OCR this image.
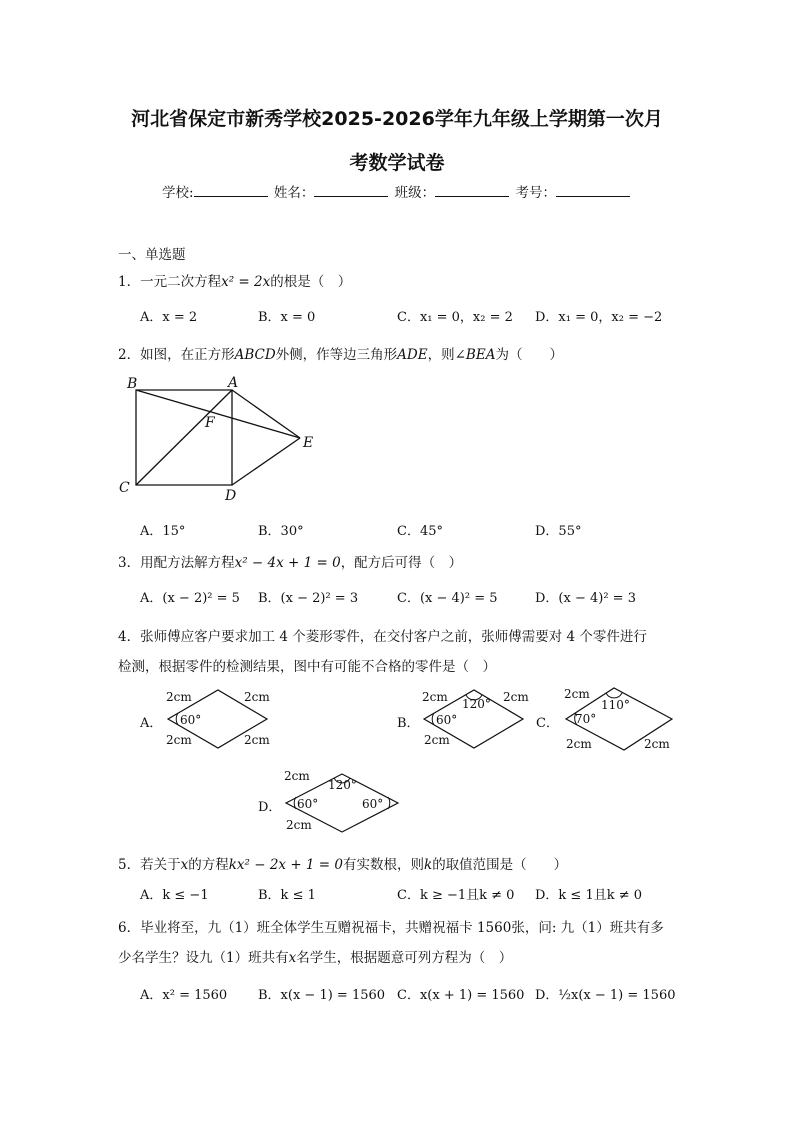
河北省保定市新秀学校2025-2026学年九年级上学期第一次月
考数学试卷
学校:	姓名：	班级：	考号：
一、单选题
1．一元二次方程x² = 2x的根是（　）
A．x = 2	B．x = 0	C．x₁ = 0，x₂ = 2 D．x₁ = 0，x₂ = −2
2．如图，在正方形ABCD外侧，作等边三角形ADE，则∠BEA为（　　）
B	A
F
E
C	D
A．15°	B．30°	C．45°	D．55°
3．用配方法解方程x² − 4x + 1 = 0，配方后可得（　）
A．(x − 2)² = 5 B．(x − 2)² = 3	C．(x − 4)² = 5	D．(x − 4)² = 3
4．张师傅应客户要求加工 4 个菱形零件，在交付客户之前，张师傅需要对 4 个零件进行
检测，根据零件的检测结果，图中有可能不合格的零件是（　）
A．
2cm	2cm
2cm	2cm
60°	B．
2cm	2cm
2cm
120°
60°	C．
2cm
2cm	2cm
110°
70°
D．
2cm
2cm
120°
60°	60°
5．若关于x的方程kx² − 2x + 1 = 0有实数根，则k的取值范围是（　　）
A．k ≤ −1	B．k ≤ 1	C．k ≥ −1且k ≠ 0 D．k ≤ 1且k ≠ 0
6．毕业将至，九（1）班全体学生互赠祝福卡，共赠祝福卡 1560张，问: 九（1）班共有多
少名学生？设九（1）班共有x名学生，根据题意可列方程为（　）
A．x² = 1560 B．x(x − 1) = 1560 C．x(x + 1) = 1560 D．½x(x − 1) = 1560
